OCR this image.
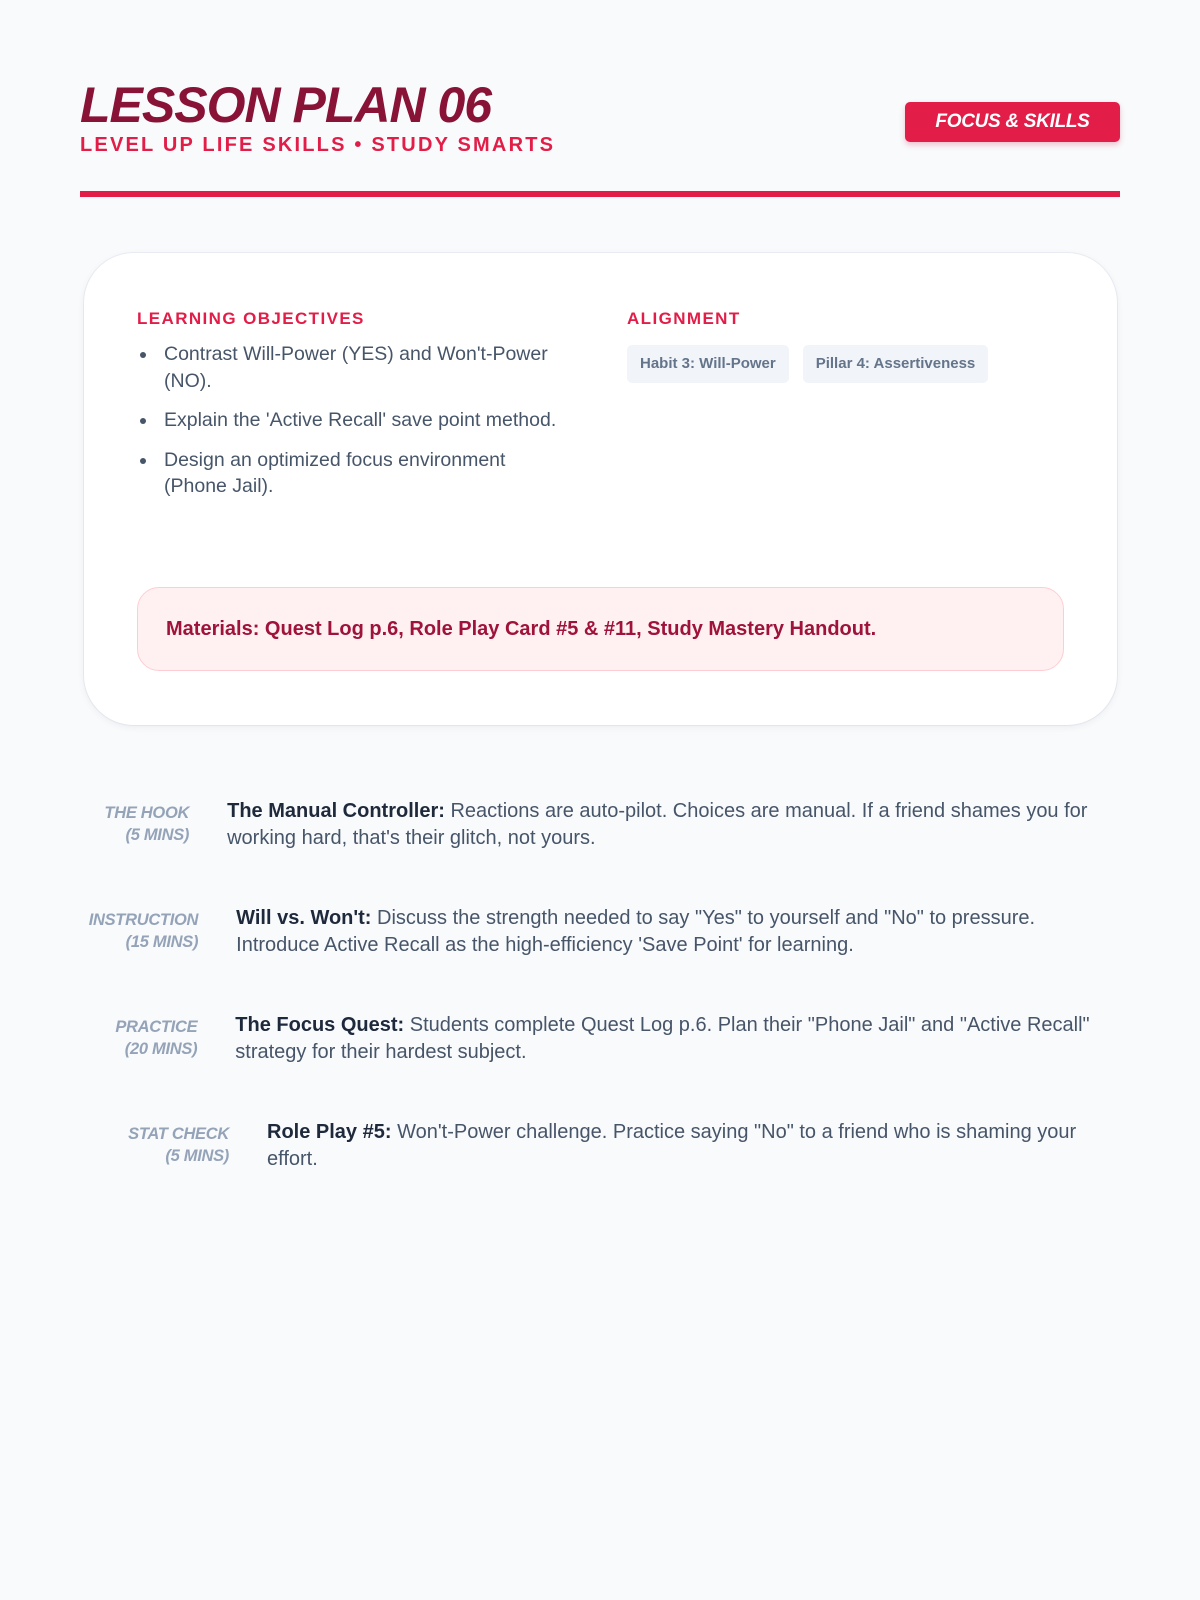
LESSON PLAN 06
LEVEL UP LIFE SKILLS • STUDY SMARTS
FOCUS & SKILLS
LEARNING OBJECTIVES
Contrast Will-Power (YES) and Won't-Power (NO).
Explain the 'Active Recall' save point method.
Design an optimized focus environment (Phone Jail).
ALIGNMENT
Habit 3: Will-Power	Pillar 4: Assertiveness
Materials: Quest Log p.6, Role Play Card #5 & #11, Study Mastery Handout.
THE HOOK
(5 MINS)
The Manual Controller: Reactions are auto-pilot. Choices are manual. If a friend shames you for working hard, that's their glitch, not yours.
INSTRUCTION
(15 MINS)
Will vs. Won't: Discuss the strength needed to say "Yes" to yourself and "No" to pressure. Introduce Active Recall as the high-efficiency 'Save Point' for learning.
PRACTICE
(20 MINS)
The Focus Quest: Students complete Quest Log p.6. Plan their "Phone Jail" and "Active Recall" strategy for their hardest subject.
STAT CHECK
(5 MINS)
Role Play #5: Won't-Power challenge. Practice saying "No" to a friend who is shaming your effort.
